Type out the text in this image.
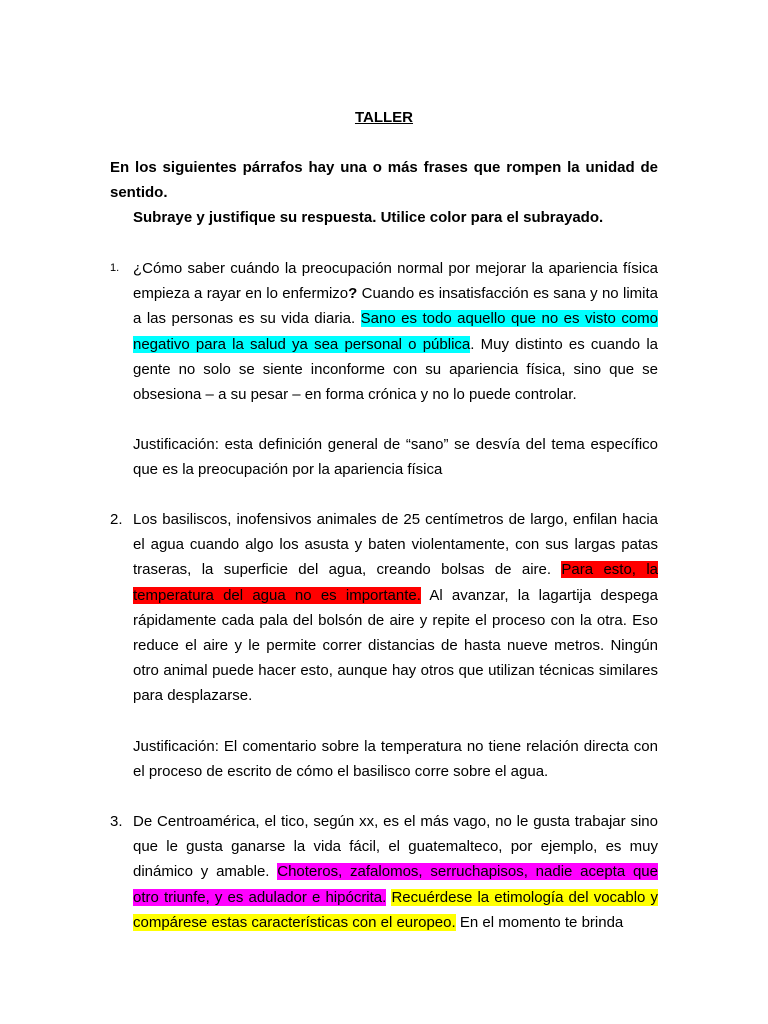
TALLER
En los siguientes párrafos hay una o más frases que rompen la unidad de sentido.
Subraye y justifique su respuesta. Utilice color para el subrayado.
1. ¿Cómo saber cuándo la preocupación normal por mejorar la apariencia física empieza a rayar en lo enfermizo? Cuando es insatisfacción es sana y no limita a las personas es su vida diaria. Sano es todo aquello que no es visto como negativo para la salud ya sea personal o pública. Muy distinto es cuando la gente no solo se siente inconforme con su apariencia física, sino que se obsesiona – a su pesar – en forma crónica y no lo puede controlar.
Justificación: esta definición general de “sano” se desvía del tema específico que es la preocupación por la apariencia física
2. Los basiliscos, inofensivos animales de 25 centímetros de largo, enfilan hacia el agua cuando algo los asusta y baten violentamente, con sus largas patas traseras, la superficie del agua, creando bolsas de aire. Para esto, la temperatura del agua no es importante. Al avanzar, la lagartija despega rápidamente cada pala del bolsón de aire y repite el proceso con la otra. Eso reduce el aire y le permite correr distancias de hasta nueve metros. Ningún otro animal puede hacer esto, aunque hay otros que utilizan técnicas similares para desplazarse.
Justificación: El comentario sobre la temperatura no tiene relación directa con el proceso de escrito de cómo el basilisco corre sobre el agua.
3. De Centroamérica, el tico, según xx, es el más vago, no le gusta trabajar sino que le gusta ganarse la vida fácil, el guatemalteco, por ejemplo, es muy dinámico y amable. Choteros, zafalomos, serruchapisos, nadie acepta que otro triunfe, y es adulador e hipócrita. Recuérdese la etimología del vocablo y compárese estas características con el europeo. En el momento te brinda
